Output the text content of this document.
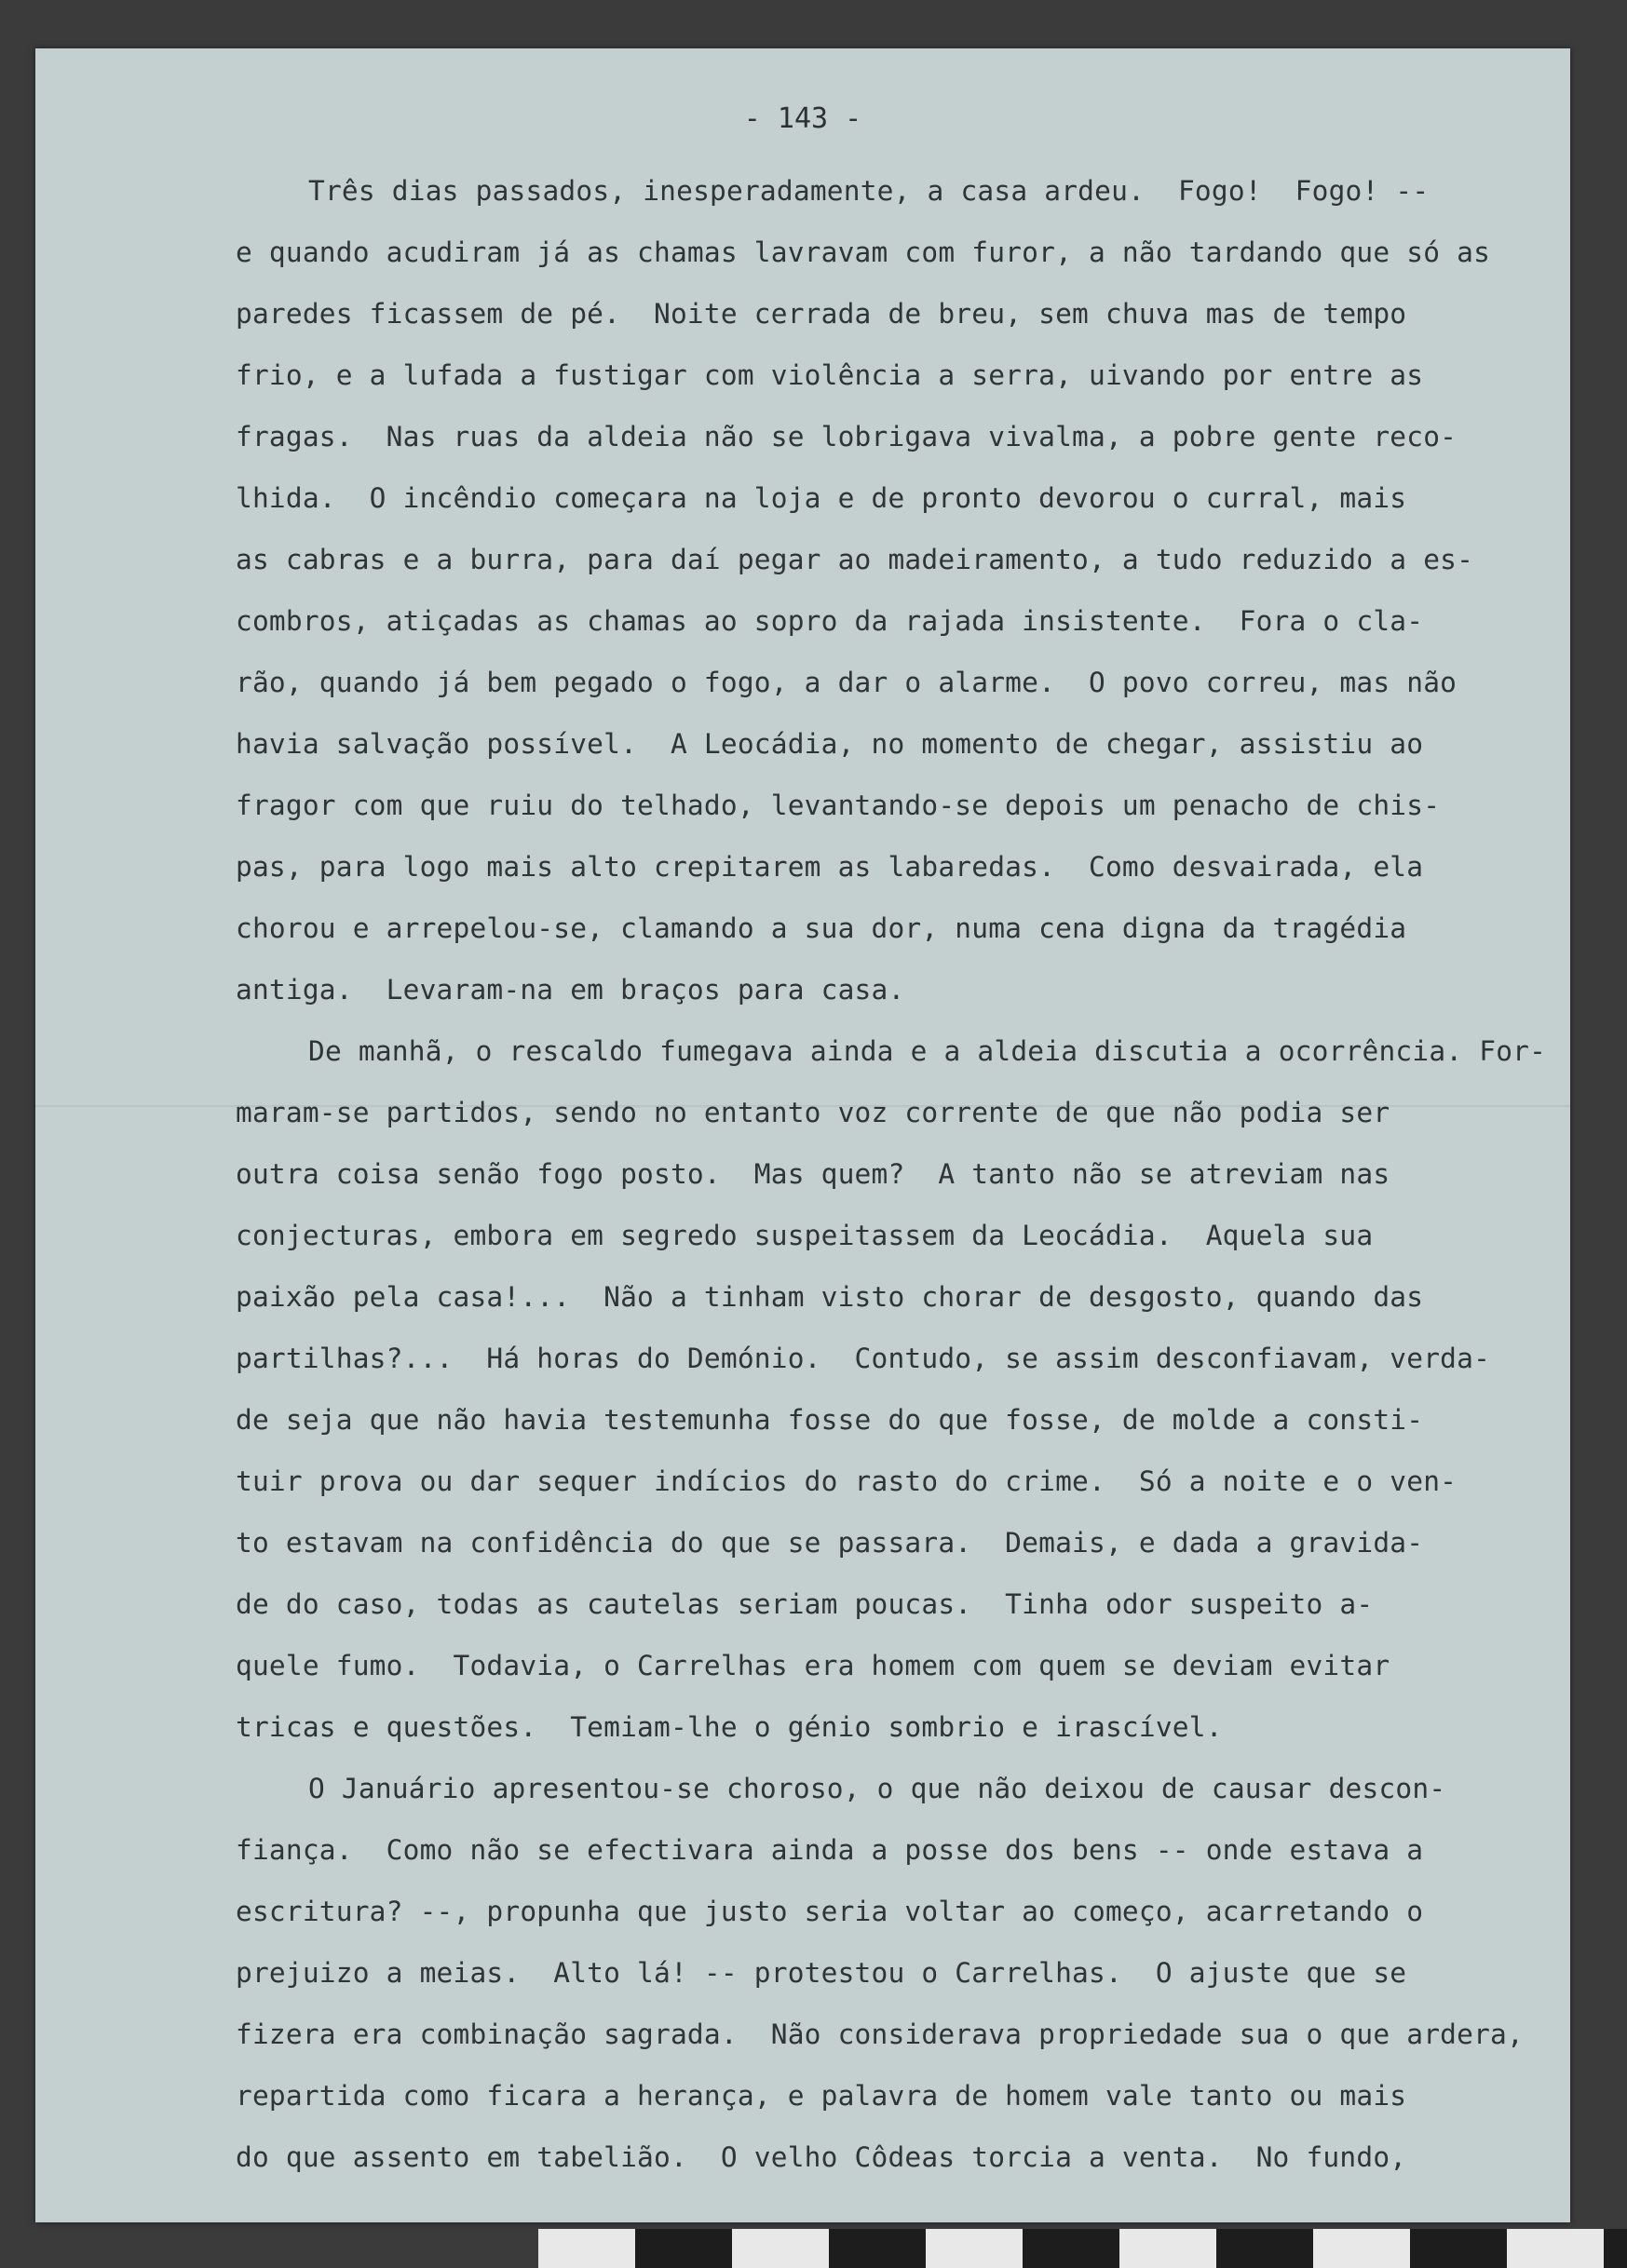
- 143 -
Três dias passados, inesperadamente, a casa ardeu.  Fogo!  Fogo! --
e quando acudiram já as chamas lavravam com furor, a não tardando que só as
paredes ficassem de pé.  Noite cerrada de breu, sem chuva mas de tempo
frio, e a lufada a fustigar com violência a serra, uivando por entre as
fragas.  Nas ruas da aldeia não se lobrigava vivalma, a pobre gente reco-
lhida.  O incêndio começara na loja e de pronto devorou o curral, mais
as cabras e a burra, para daí pegar ao madeiramento, a tudo reduzido a es-
combros, atiçadas as chamas ao sopro da rajada insistente.  Fora o cla-
rão, quando já bem pegado o fogo, a dar o alarme.  O povo correu, mas não
havia salvação possível.  A Leocádia, no momento de chegar, assistiu ao
fragor com que ruiu do telhado, levantando-se depois um penacho de chis-
pas, para logo mais alto crepitarem as labaredas.  Como desvairada, ela
chorou e arrepelou-se, clamando a sua dor, numa cena digna da tragédia
antiga.  Levaram-na em braços para casa.
De manhã, o rescaldo fumegava ainda e a aldeia discutia a ocorrência. For-
maram-se partidos, sendo no entanto voz corrente de que não podia ser
outra coisa senão fogo posto.  Mas quem?  A tanto não se atreviam nas
conjecturas, embora em segredo suspeitassem da Leocádia.  Aquela sua
paixão pela casa!...  Não a tinham visto chorar de desgosto, quando das
partilhas?...  Há horas do Demónio.  Contudo, se assim desconfiavam, verda-
de seja que não havia testemunha fosse do que fosse, de molde a consti-
tuir prova ou dar sequer indícios do rasto do crime.  Só a noite e o ven-
to estavam na confidência do que se passara.  Demais, e dada a gravida-
de do caso, todas as cautelas seriam poucas.  Tinha odor suspeito a-
quele fumo.  Todavia, o Carrelhas era homem com quem se deviam evitar
tricas e questões.  Temiam-lhe o génio sombrio e irascível.
O Januário apresentou-se choroso, o que não deixou de causar descon-
fiança.  Como não se efectivara ainda a posse dos bens -- onde estava a
escritura? --, propunha que justo seria voltar ao começo, acarretando o
prejuizo a meias.  Alto lá! -- protestou o Carrelhas.  O ajuste que se
fizera era combinação sagrada.  Não considerava propriedade sua o que ardera,
repartida como ficara a herança, e palavra de homem vale tanto ou mais
do que assento em tabelião.  O velho Côdeas torcia a venta.  No fundo,
